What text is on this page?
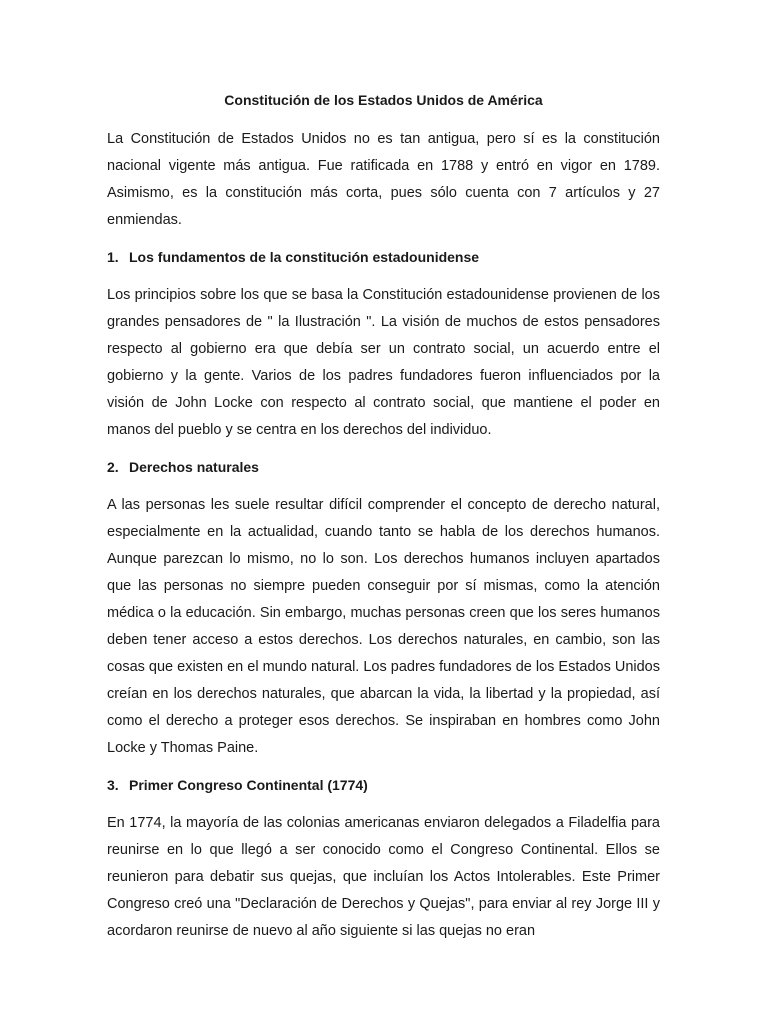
Constitución de los Estados Unidos de América

La Constitución de Estados Unidos no es tan antigua, pero sí es la constitución nacional vigente más antigua. Fue ratificada en 1788 y entró en vigor en 1789. Asimismo, es la constitución más corta, pues sólo cuenta con 7 artículos y 27 enmiendas.

1. Los fundamentos de la constitución estadounidense

Los principios sobre los que se basa la Constitución estadounidense provienen de los grandes pensadores de " la Ilustración ". La visión de muchos de estos pensadores respecto al gobierno era que debía ser un contrato social, un acuerdo entre el gobierno y la gente. Varios de los padres fundadores fueron influenciados por la visión de John Locke con respecto al contrato social, que mantiene el poder en manos del pueblo y se centra en los derechos del individuo.

2. Derechos naturales

A las personas les suele resultar difícil comprender el concepto de derecho natural, especialmente en la actualidad, cuando tanto se habla de los derechos humanos. Aunque parezcan lo mismo, no lo son. Los derechos humanos incluyen apartados que las personas no siempre pueden conseguir por sí mismas, como la atención médica o la educación. Sin embargo, muchas personas creen que los seres humanos deben tener acceso a estos derechos. Los derechos naturales, en cambio, son las cosas que existen en el mundo natural. Los padres fundadores de los Estados Unidos creían en los derechos naturales, que abarcan la vida, la libertad y la propiedad, así como el derecho a proteger esos derechos. Se inspiraban en hombres como John Locke y Thomas Paine.

3. Primer Congreso Continental (1774)

En 1774, la mayoría de las colonias americanas enviaron delegados a Filadelfia para reunirse en lo que llegó a ser conocido como el Congreso Continental. Ellos se reunieron para debatir sus quejas, que incluían los Actos Intolerables. Este Primer Congreso creó una "Declaración de Derechos y Quejas", para enviar al rey Jorge III y acordaron reunirse de nuevo al año siguiente si las quejas no eran
